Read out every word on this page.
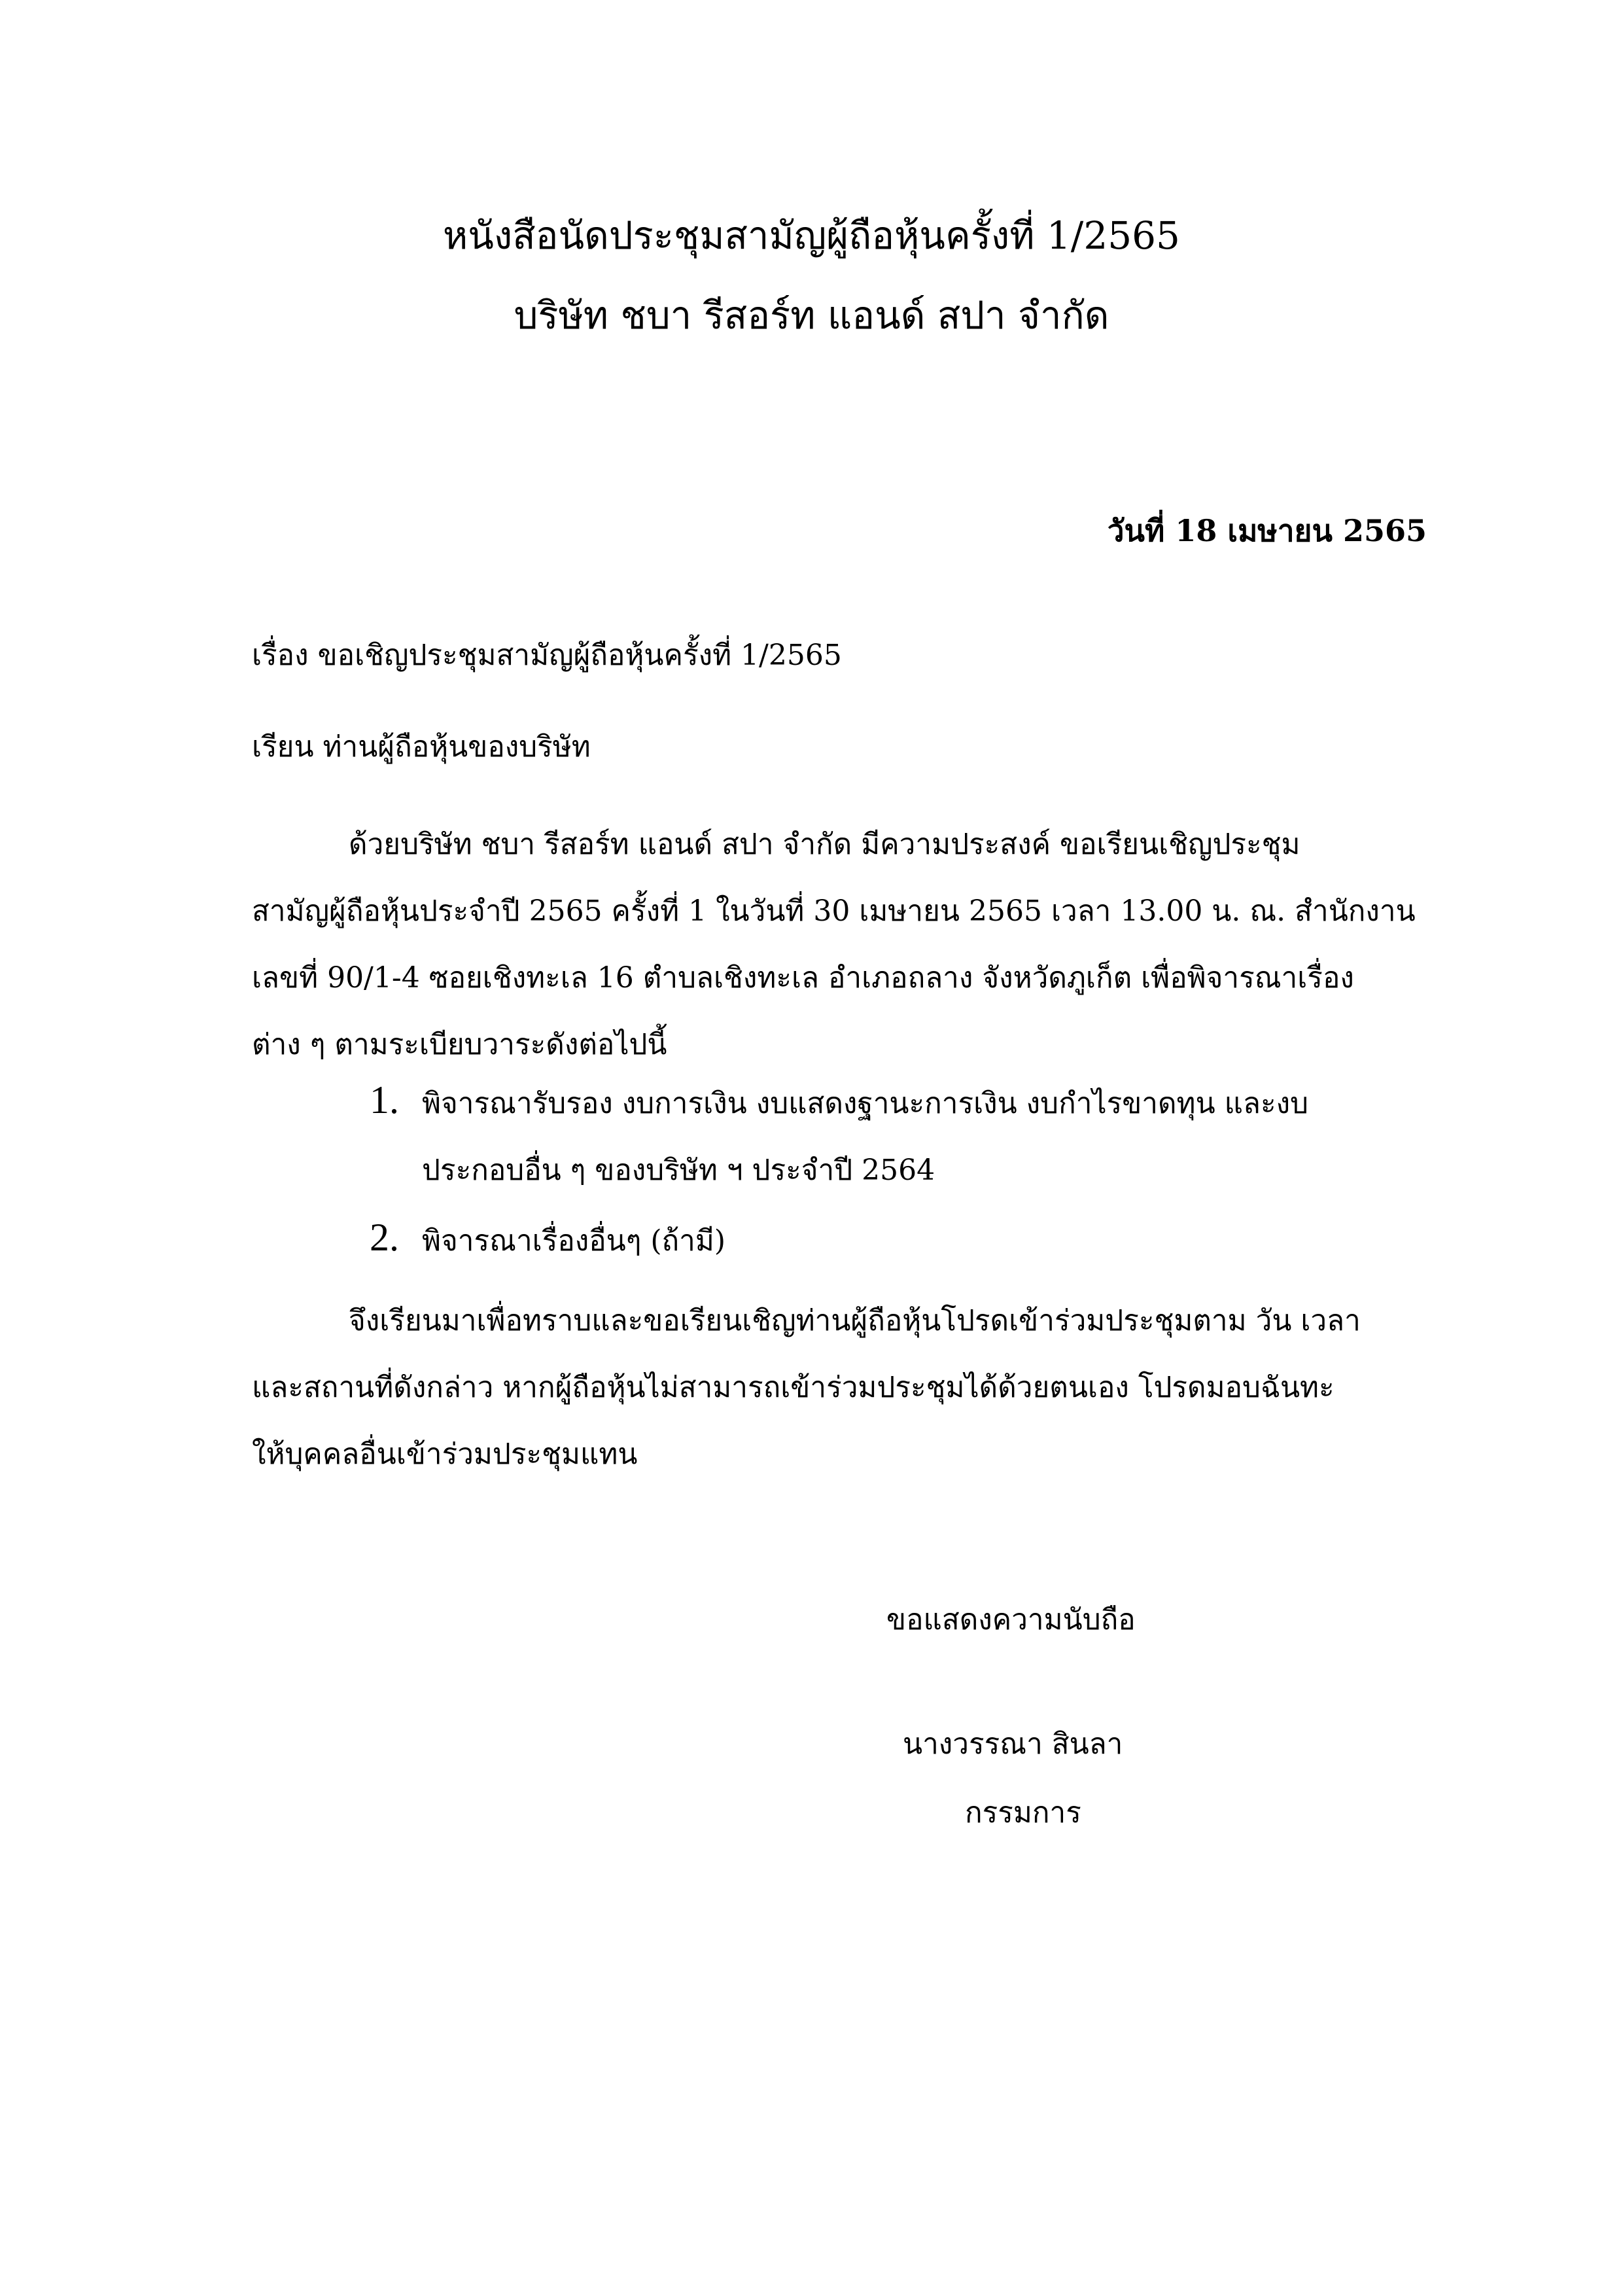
หนังสือนัดประชุมสามัญผู้ถือหุ้นครั้งที่ 1/2565
บริษัท ชบา รีสอร์ท แอนด์ สปา จำกัด
วันที่ 18 เมษายน 2565
เรื่อง ขอเชิญประชุมสามัญผู้ถือหุ้นครั้งที่ 1/2565
เรียน ท่านผู้ถือหุ้นของบริษัท
ด้วยบริษัท ชบา รีสอร์ท แอนด์ สปา จำกัด มีความประสงค์ ขอเรียนเชิญประชุม
สามัญผู้ถือหุ้นประจำปี 2565 ครั้งที่ 1 ในวันที่ 30 เมษายน 2565 เวลา 13.00 น. ณ. สำนักงาน
เลขที่ 90/1-4 ซอยเชิงทะเล 16 ตำบลเชิงทะเล อำเภอถลาง จังหวัดภูเก็ต เพื่อพิจารณาเรื่อง
ต่าง ๆ ตามระเบียบวาระดังต่อไปนี้
1. พิจารณารับรอง งบการเงิน งบแสดงฐานะการเงิน งบกำไรขาดทุน และงบ
ประกอบอื่น ๆ ของบริษัท ฯ ประจำปี 2564
2. พิจารณาเรื่องอื่นๆ (ถ้ามี)
จึงเรียนมาเพื่อทราบและขอเรียนเชิญท่านผู้ถือหุ้นโปรดเข้าร่วมประชุมตาม วัน เวลา
และสถานที่ดังกล่าว หากผู้ถือหุ้นไม่สามารถเข้าร่วมประชุมได้ด้วยตนเอง โปรดมอบฉันทะ
ให้บุคคลอื่นเข้าร่วมประชุมแทน
ขอแสดงความนับถือ
นางวรรณา สินลา
กรรมการ
